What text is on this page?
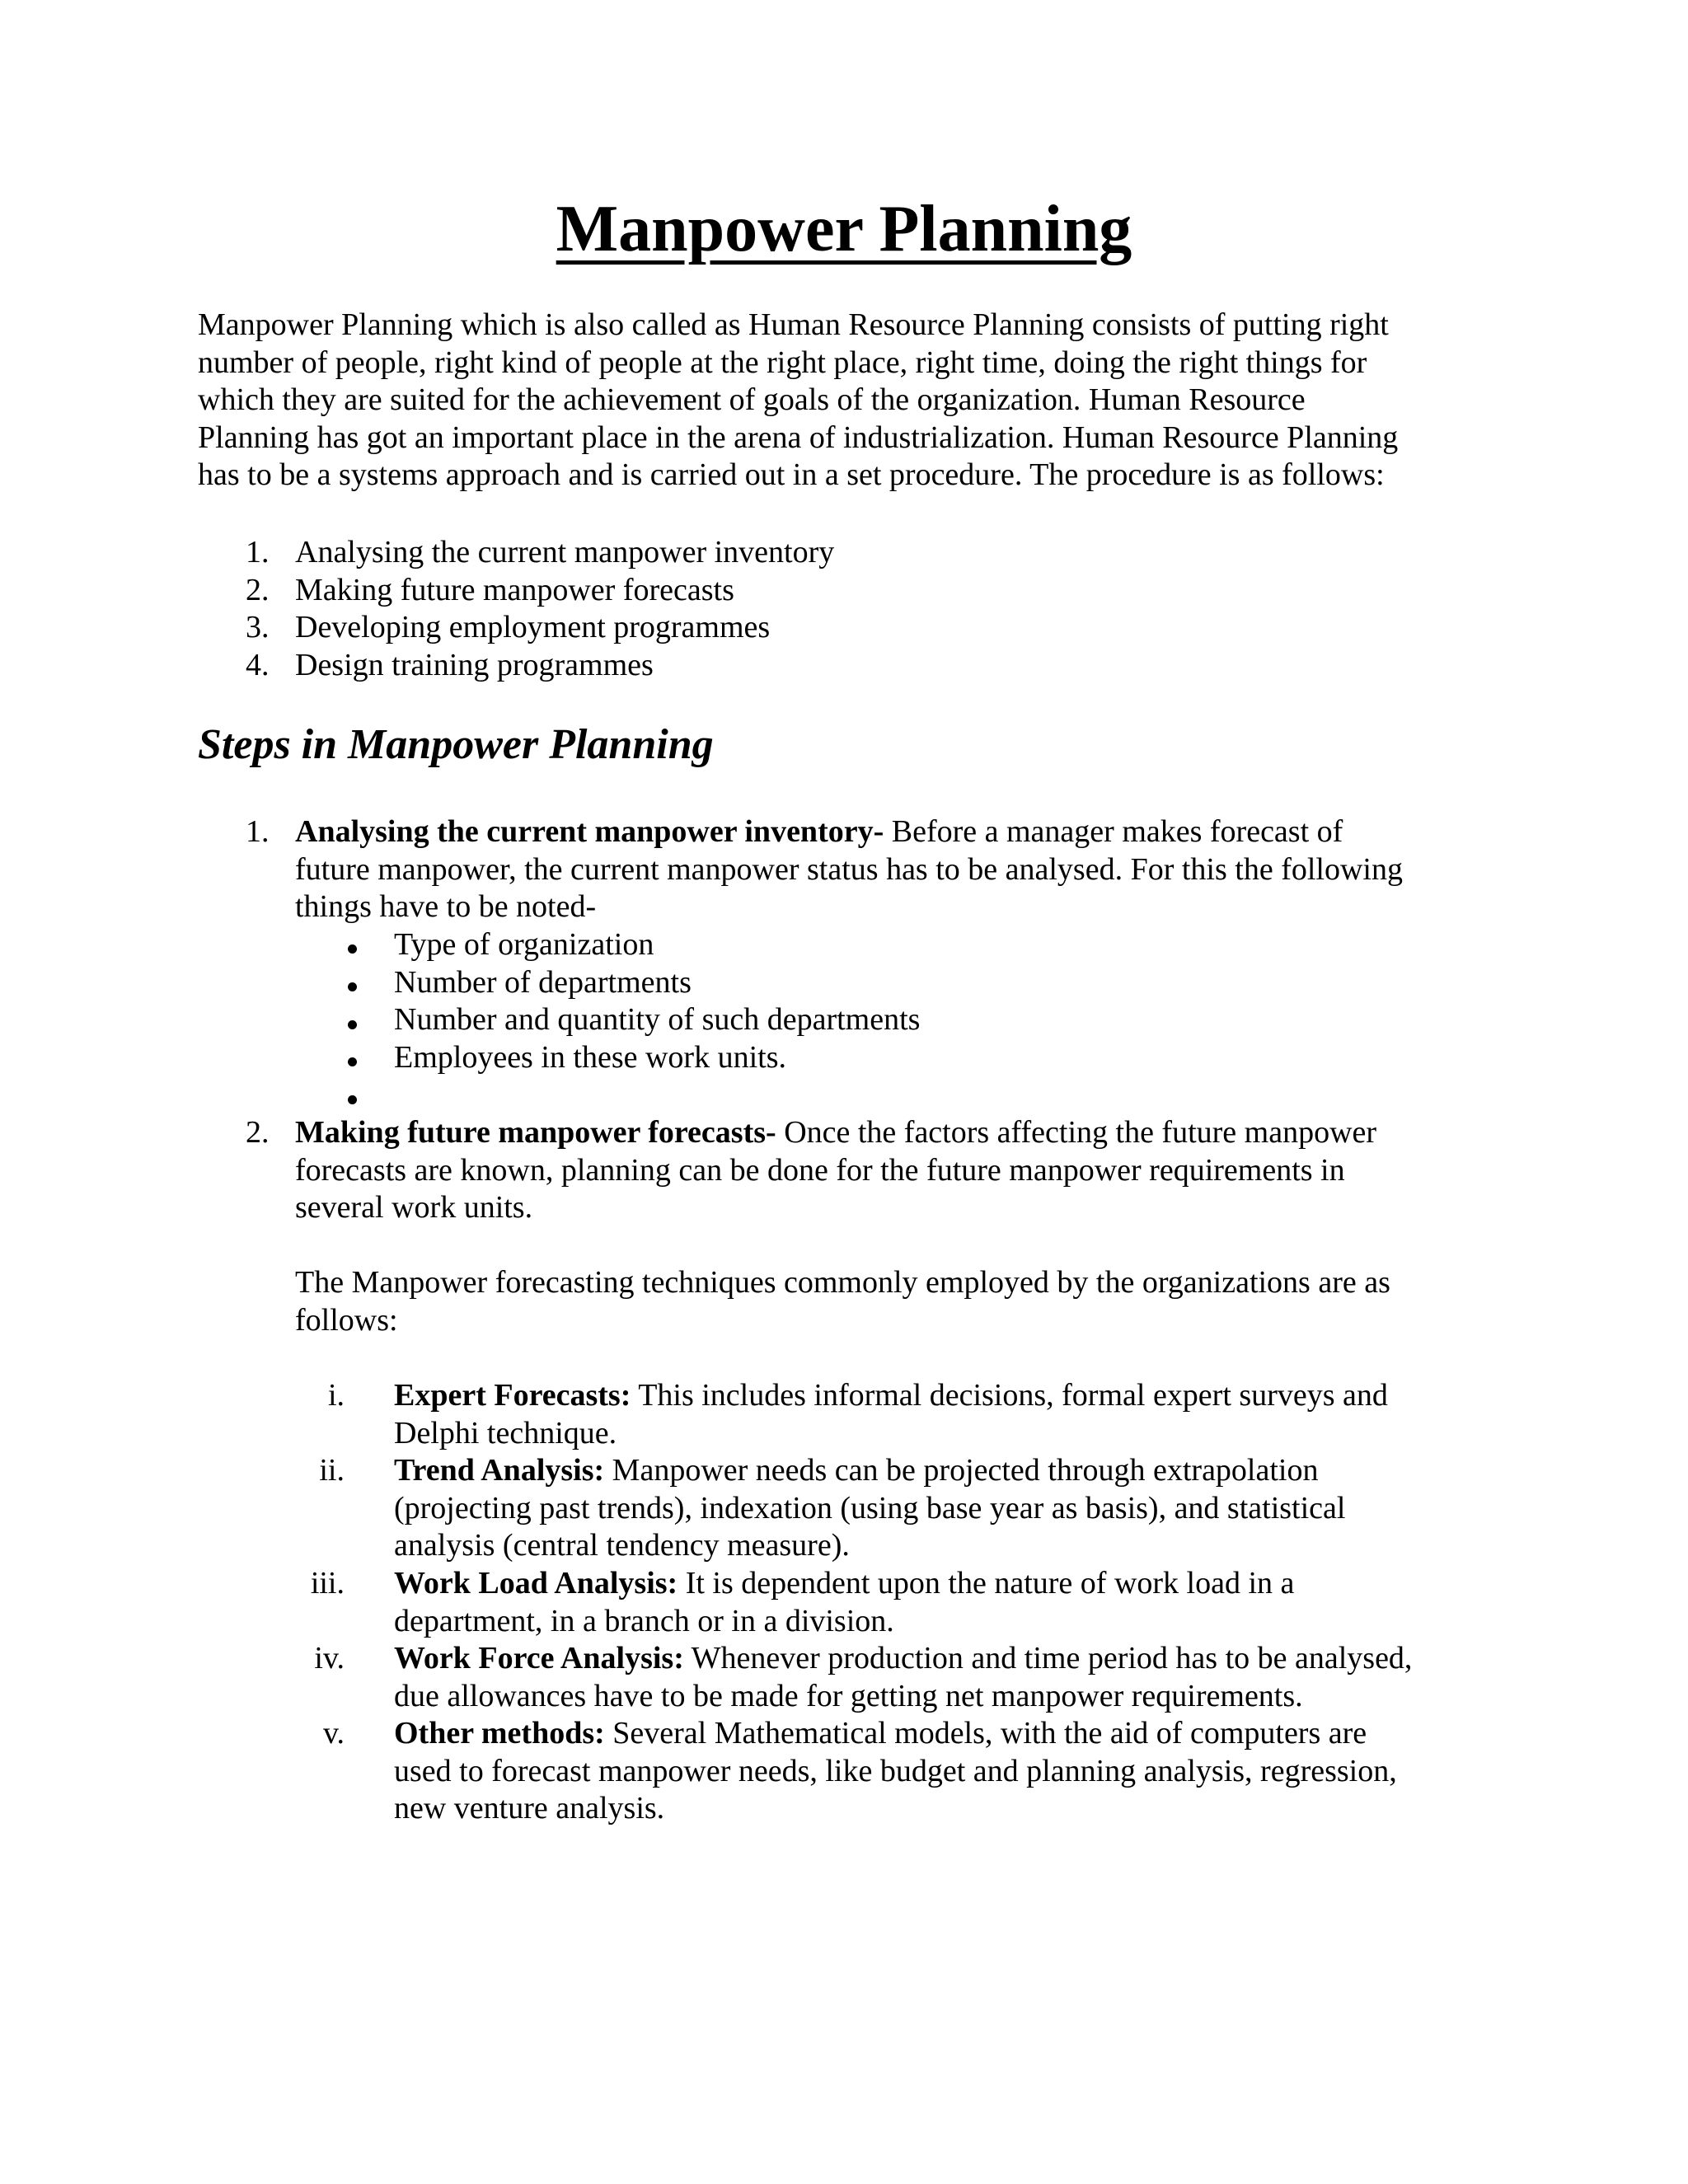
Manpower Planning

Manpower Planning which is also called as Human Resource Planning consists of putting right
number of people, right kind of people at the right place, right time, doing the right things for
which they are suited for the achievement of goals of the organization. Human Resource
Planning has got an important place in the arena of industrialization. Human Resource Planning
has to be a systems approach and is carried out in a set procedure. The procedure is as follows:

1. Analysing the current manpower inventory
2. Making future manpower forecasts
3. Developing employment programmes
4. Design training programmes
Steps in Manpower Planning
1. Analysing the current manpower inventory- Before a manager makes forecast of
future manpower, the current manpower status has to be analysed. For this the following
things have to be noted-
Type of organization
Number of departments
Number and quantity of such departments
Employees in these work units.
2. Making future manpower forecasts- Once the factors affecting the future manpower
forecasts are known, planning can be done for the future manpower requirements in
several work units.
The Manpower forecasting techniques commonly employed by the organizations are as
follows:
i. Expert Forecasts: This includes informal decisions, formal expert surveys and
Delphi technique.
ii. Trend Analysis: Manpower needs can be projected through extrapolation
(projecting past trends), indexation (using base year as basis), and statistical
analysis (central tendency measure).
iii. Work Load Analysis: It is dependent upon the nature of work load in a
department, in a branch or in a division.
iv. Work Force Analysis: Whenever production and time period has to be analysed,
due allowances have to be made for getting net manpower requirements.
v. Other methods: Several Mathematical models, with the aid of computers are
used to forecast manpower needs, like budget and planning analysis, regression,
new venture analysis.
